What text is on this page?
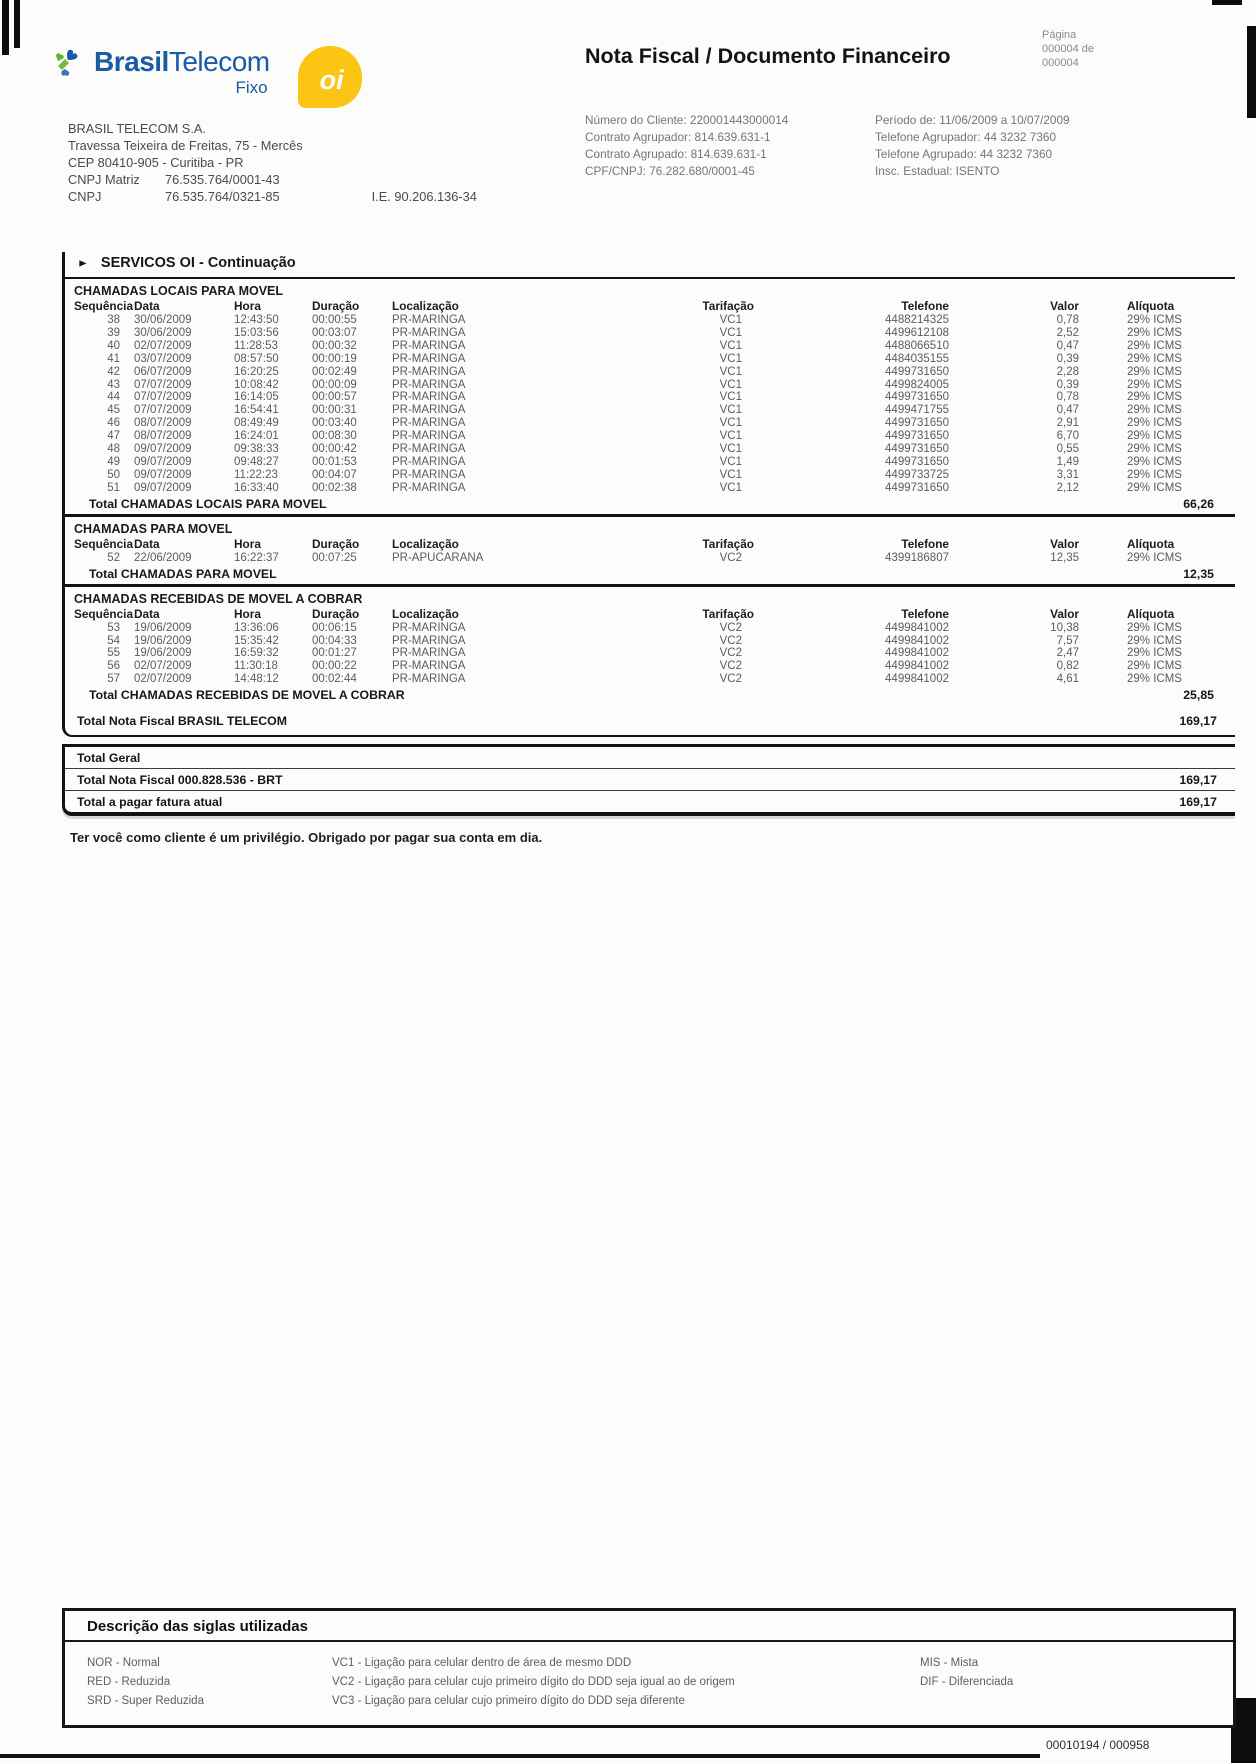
BrasilTelecom
Fixo oi
Nota Fiscal / Documento Financeiro
Página
000004 de
000004
BRASIL TELECOM S.A.
Travessa Teixeira de Freitas, 75 - Mercês
CEP 80410-905 - Curitiba - PR
CNPJ Matriz	76.535.764/0001-43
CNPJ	76.535.764/0321-85	I.E. 90.206.136-34
Número do Cliente: 220001443000014
Contrato Agrupador: 814.639.631-1
Contrato Agrupado: 814.639.631-1
CPF/CNPJ: 76.282.680/0001-45
Período de: 11/06/2009 a 10/07/2009
Telefone Agrupador: 44 3232 7360
Telefone Agrupado: 44 3232 7360
Insc. Estadual: ISENTO
► SERVICOS OI - Continuação
CHAMADAS LOCAIS PARA MOVEL
Sequência Data	Hora	Duração	Localização	Tarifação	Telefone	Valor	Alíquota
38	30/06/2009	12:43:50	00:00:55	PR-MARINGA	VC1	4488214325	0,78	29% ICMS
39	30/06/2009	15:03:56	00:03:07	PR-MARINGA	VC1	4499612108	2,52	29% ICMS
40	02/07/2009	11:28:53	00:00:32	PR-MARINGA	VC1	4488066510	0,47	29% ICMS
41	03/07/2009	08:57:50	00:00:19	PR-MARINGA	VC1	4484035155	0,39	29% ICMS
42	06/07/2009	16:20:25	00:02:49	PR-MARINGA	VC1	4499731650	2,28	29% ICMS
43	07/07/2009	10:08:42	00:00:09	PR-MARINGA	VC1	4499824005	0,39	29% ICMS
44	07/07/2009	16:14:05	00:00:57	PR-MARINGA	VC1	4499731650	0,78	29% ICMS
45	07/07/2009	16:54:41	00:00:31	PR-MARINGA	VC1	4499471755	0,47	29% ICMS
46	08/07/2009	08:49:49	00:03:40	PR-MARINGA	VC1	4499731650	2,91	29% ICMS
47	08/07/2009	16:24:01	00:08:30	PR-MARINGA	VC1	4499731650	6,70	29% ICMS
48	09/07/2009	09:38:33	00:00:42	PR-MARINGA	VC1	4499731650	0,55	29% ICMS
49	09/07/2009	09:48:27	00:01:53	PR-MARINGA	VC1	4499731650	1,49	29% ICMS
50	09/07/2009	11:22:23	00:04:07	PR-MARINGA	VC1	4499733725	3,31	29% ICMS
51	09/07/2009	16:33:40	00:02:38	PR-MARINGA	VC1	4499731650	2,12	29% ICMS
Total CHAMADAS LOCAIS PARA MOVEL	66,26
CHAMADAS PARA MOVEL
Sequência Data	Hora	Duração	Localização	Tarifação	Telefone	Valor	Alíquota
52	22/06/2009	16:22:37	00:07:25	PR-APUCARANA	VC2	4399186807	12,35	29% ICMS
Total CHAMADAS PARA MOVEL	12,35
CHAMADAS RECEBIDAS DE MOVEL A COBRAR
Sequência Data	Hora	Duração	Localização	Tarifação	Telefone	Valor	Alíquota
53	19/06/2009	13:36:06	00:06:15	PR-MARINGA	VC2	4499841002	10,38	29% ICMS
54	19/06/2009	15:35:42	00:04:33	PR-MARINGA	VC2	4499841002	7,57	29% ICMS
55	19/06/2009	16:59:32	00:01:27	PR-MARINGA	VC2	4499841002	2,47	29% ICMS
56	02/07/2009	11:30:18	00:00:22	PR-MARINGA	VC2	4499841002	0,82	29% ICMS
57	02/07/2009	14:48:12	00:02:44	PR-MARINGA	VC2	4499841002	4,61	29% ICMS
Total CHAMADAS RECEBIDAS DE MOVEL A COBRAR	25,85
Total Nota Fiscal BRASIL TELECOM	169,17
Total Geral
Total Nota Fiscal 000.828.536 - BRT	169,17
Total a pagar fatura atual	169,17
Ter você como cliente é um privilégio. Obrigado por pagar sua conta em dia.
Descrição das siglas utilizadas
NOR - Normal
RED - Reduzida
SRD - Super Reduzida
VC1 - Ligação para celular dentro de área de mesmo DDD
VC2 - Ligação para celular cujo primeiro dígito do DDD seja igual ao de origem
VC3 - Ligação para celular cujo primeiro dígito do DDD seja diferente
MIS - Mista
DIF - Diferenciada
00010194 / 000958
